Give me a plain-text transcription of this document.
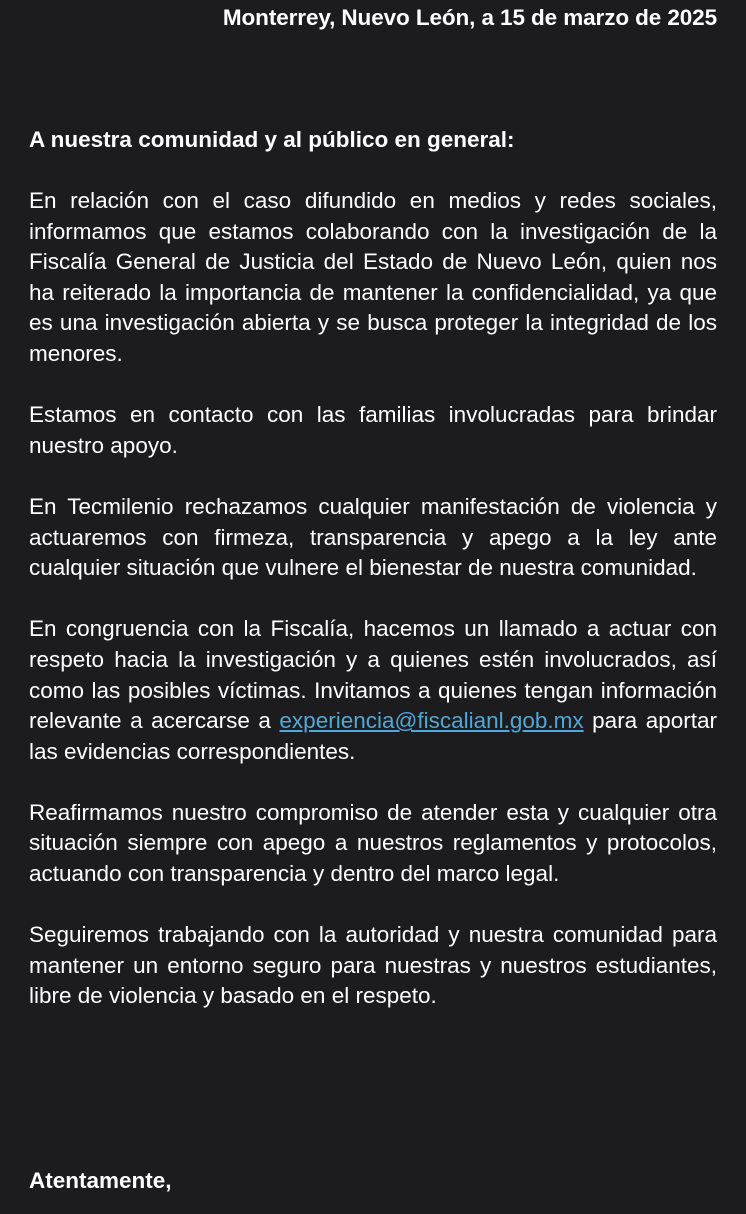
Monterrey, Nuevo León, a 15 de marzo de 2025

A nuestra comunidad y al público en general:

En relación con el caso difundido en medios y redes sociales, informamos que estamos colaborando con la investigación de la Fiscalía General de Justicia del Estado de Nuevo León, quien nos ha reiterado la importancia de mantener la confidencialidad, ya que es una investigación abierta y se busca proteger la integridad de los menores.

Estamos en contacto con las familias involucradas para brindar nuestro apoyo.

En Tecmilenio rechazamos cualquier manifestación de violencia y actuaremos con firmeza, transparencia y apego a la ley ante cualquier situación que vulnere el bienestar de nuestra comunidad.

En congruencia con la Fiscalía, hacemos un llamado a actuar con respeto hacia la investigación y a quienes estén involucrados, así como las posibles víctimas. Invitamos a quienes tengan información relevante a acercarse a experiencia@fiscalianl.gob.mx para aportar las evidencias correspondientes.

Reafirmamos nuestro compromiso de atender esta y cualquier otra situación siempre con apego a nuestros reglamentos y protocolos, actuando con transparencia y dentro del marco legal.

Seguiremos trabajando con la autoridad y nuestra comunidad para mantener un entorno seguro para nuestras y nuestros estudiantes, libre de violencia y basado en el respeto.

Atentamente,
